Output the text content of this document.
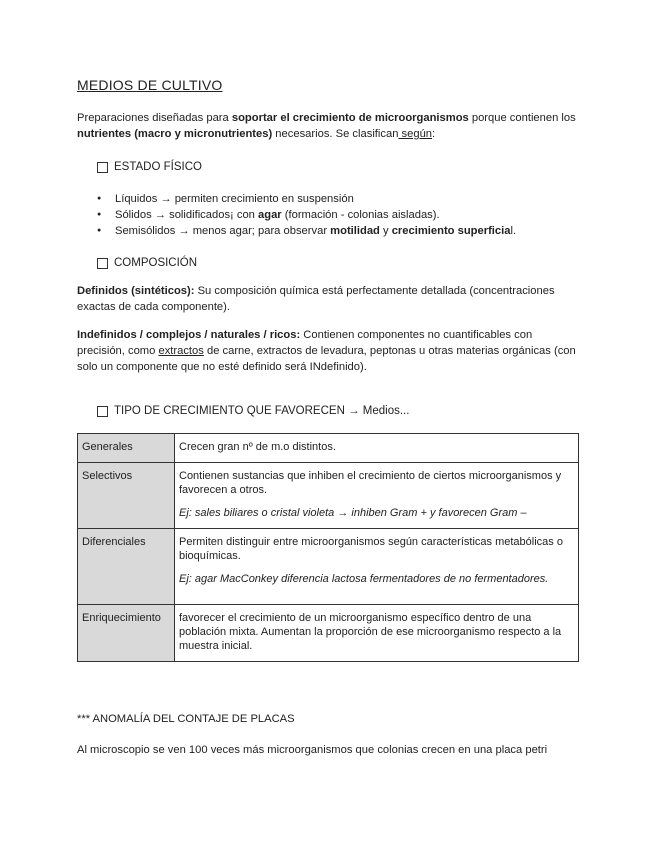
MEDIOS DE CULTIVO

Preparaciones diseñadas para soportar el crecimiento de microorganismos porque contienen los nutrientes (macro y micronutrientes) necesarios. Se clasifican según:

ESTADO FÍSICO
● Líquidos → permiten crecimiento en suspensión
● Sólidos → solidificados¡ con agar (formación - colonias aisladas).
● Semisólidos → menos agar; para observar motilidad y crecimiento superficial.
COMPOSICIÓN

Definidos (sintéticos): Su composición química está perfectamente detallada (concentraciones exactas de cada componente).

Indefinidos / complejos / naturales / ricos: Contienen componentes no cuantificables con precisión, como extractos de carne, extractos de levadura, peptonas u otras materias orgánicas (con solo un componente que no esté definido será INdefinido).

TIPO DE CRECIMIENTO QUE FAVORECEN → Medios...
Generales	Crecen gran nº de m.o distintos.
Selectivos	Contienen sustancias que inhiben el crecimiento de ciertos microorganismos y favorecen a otros.
Ej: sales biliares o cristal violeta → inhiben Gram + y favorecen Gram –

Diferenciales	Permiten distinguir entre microorganismos según características metabólicas o bioquímicas.
Ej: agar MacConkey diferencia lactosa fermentadores de no fermentadores.

Enriquecimiento	favorecer el crecimiento de un microorganismo específico dentro de una población mixta. Aumentan la proporción de ese microorganismo respecto a la muestra inicial.
*** ANOMALÍA DEL CONTAJE DE PLACAS

Al microscopio se ven 100 veces más microorganismos que colonias crecen en una placa petri
